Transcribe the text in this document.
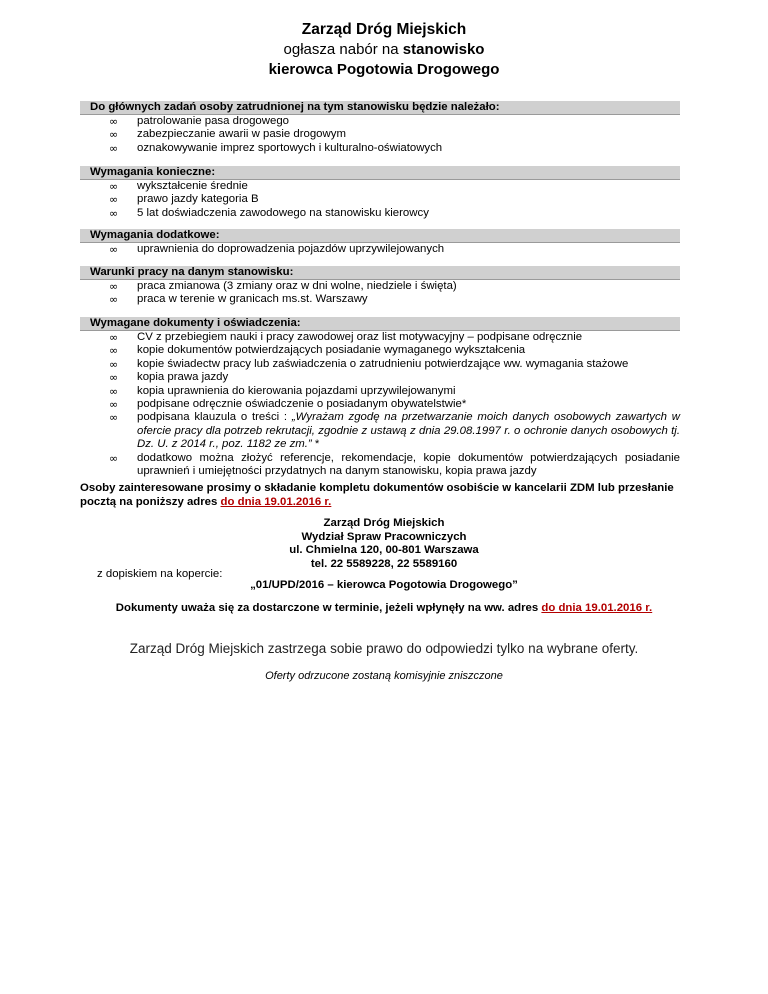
Zarząd Dróg Miejskich
ogłasza nabór na stanowisko
kierowca Pogotowia Drogowego
Do głównych zadań osoby zatrudnionej na tym stanowisku będzie należało:
∞ patrolowanie pasa drogowego
∞ zabezpieczanie awarii w pasie drogowym
∞ oznakowywanie imprez sportowych i kulturalno-oświatowych
Wymagania konieczne:
∞ wykształcenie średnie
∞ prawo jazdy kategoria B
∞ 5 lat doświadczenia zawodowego na stanowisku kierowcy
Wymagania dodatkowe:
∞ uprawnienia do doprowadzenia pojazdów uprzywilejowanych
Warunki pracy na danym stanowisku:
∞ praca zmianowa (3 zmiany oraz w dni wolne, niedziele i święta)
∞ praca w terenie w granicach ms.st. Warszawy
Wymagane dokumenty i oświadczenia:
∞ CV z przebiegiem nauki i pracy zawodowej oraz list motywacyjny – podpisane odręcznie
∞ kopie dokumentów potwierdzających posiadanie wymaganego wykształcenia
∞ kopie świadectw pracy lub zaświadczenia o zatrudnieniu potwierdzające ww. wymagania stażowe
∞ kopia prawa jazdy
∞ kopia uprawnienia do kierowania pojazdami uprzywilejowanymi
∞ podpisane odręcznie oświadczenie o posiadanym obywatelstwie*
∞ podpisana klauzula o treści : „Wyrażam zgodę na przetwarzanie moich danych osobowych zawartych w ofercie pracy dla potrzeb rekrutacji, zgodnie z ustawą z dnia 29.08.1997 r. o ochronie danych osobowych tj. Dz. U. z 2014 r., poz. 1182 ze zm.” *
∞ dodatkowo można złożyć referencje, rekomendacje, kopie dokumentów potwierdzających posiadanie uprawnień i umiejętności przydatnych na danym stanowisku, kopia prawa jazdy
Osoby zainteresowane prosimy o składanie kompletu dokumentów osobiście w kancelarii ZDM lub przesłanie pocztą na poniższy adres do dnia 19.01.2016 r.
Zarząd Dróg Miejskich
Wydział Spraw Pracowniczych
ul. Chmielna 120, 00-801 Warszawa
tel. 22 5589228, 22 5589160
z dopiskiem na kopercie:
„01/UPD/2016 – kierowca Pogotowia Drogowego”
Dokumenty uważa się za dostarczone w terminie, jeżeli wpłynęły na ww. adres do dnia 19.01.2016 r.
Zarząd Dróg Miejskich zastrzega sobie prawo do odpowiedzi tylko na wybrane oferty.
Oferty odrzucone zostaną komisyjnie zniszczone
